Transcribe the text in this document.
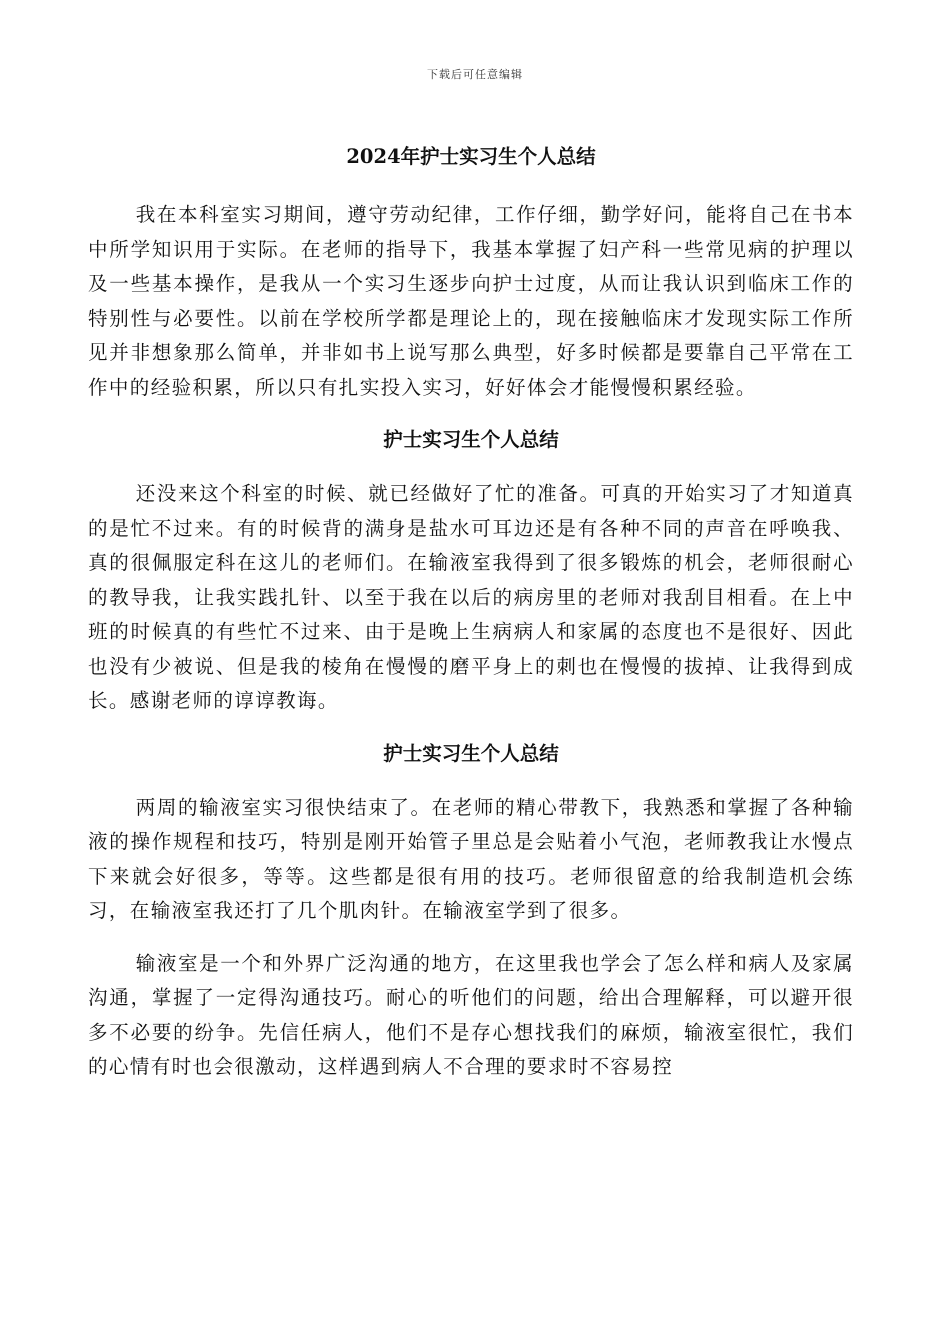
下载后可任意编辑
2024年护士实习生个人总结

我在本科室实习期间，遵守劳动纪律，工作仔细，勤学好问，能将自己在书本中所学知识用于实际。在老师的指导下，我基本掌握了妇产科一些常见病的护理以及一些基本操作，是我从一个实习生逐步向护士过度，从而让我认识到临床工作的特别性与必要性。以前在学校所学都是理论上的，现在接触临床才发现实际工作所见并非想象那么简单，并非如书上说写那么典型，好多时候都是要靠自己平常在工作中的经验积累，所以只有扎实投入实习，好好体会才能慢慢积累经验。

护士实习生个人总结

还没来这个科室的时候、就已经做好了忙的准备。可真的开始实习了才知道真的是忙不过来。有的时候背的满身是盐水可耳边还是有各种不同的声音在呼唤我、真的很佩服定科在这儿的老师们。在输液室我得到了很多锻炼的机会，老师很耐心的教导我，让我实践扎针、以至于我在以后的病房里的老师对我刮目相看。在上中班的时候真的有些忙不过来、由于是晚上生病病人和家属的态度也不是很好、因此也没有少被说、但是我的棱角在慢慢的磨平身上的刺也在慢慢的拔掉、让我得到成长。感谢老师的谆谆教诲。

护士实习生个人总结

两周的输液室实习很快结束了。在老师的精心带教下，我熟悉和掌握了各种输液的操作规程和技巧，特别是刚开始管子里总是会贴着小气泡，老师教我让水慢点下来就会好很多，等等。这些都是很有用的技巧。老师很留意的给我制造机会练习，在输液室我还打了几个肌肉针。在输液室学到了很多。

输液室是一个和外界广泛沟通的地方，在这里我也学会了怎么样和病人及家属沟通，掌握了一定得沟通技巧。耐心的听他们的问题，给出合理解释，可以避开很多不必要的纷争。先信任病人，他们不是存心想找我们的麻烦，输液室很忙，我们的心情有时也会很激动，这样遇到病人不合理的要求时不容易控
